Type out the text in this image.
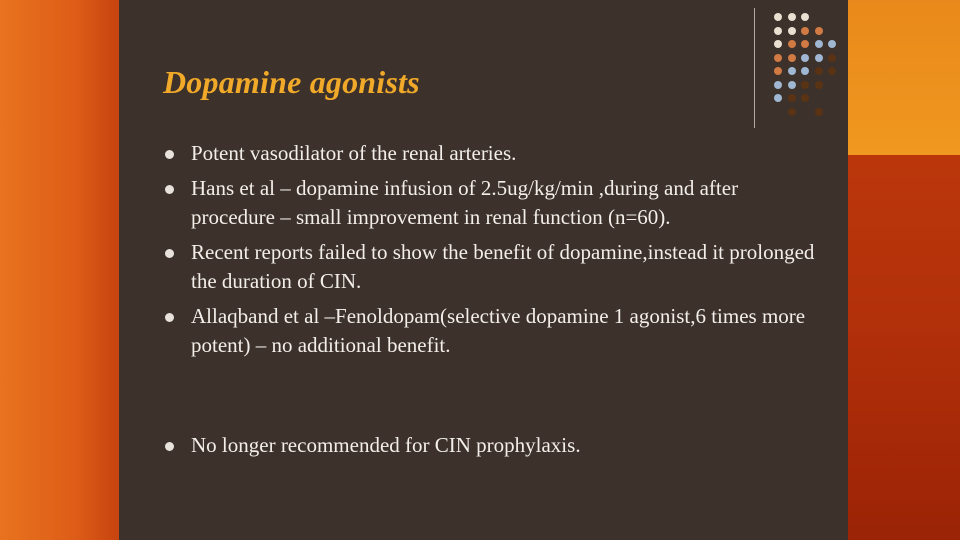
Dopamine agonists
Potent vasodilator of the renal arteries.
Hans et al – dopamine infusion of 2.5ug/kg/min ,during and after procedure – small improvement in renal function (n=60).
Recent reports failed to show the benefit of dopamine,instead it prolonged the duration of CIN.
Allaqband et al –Fenoldopam(selective dopamine 1 agonist,6 times more potent) – no additional benefit.
No longer recommended for CIN prophylaxis.
